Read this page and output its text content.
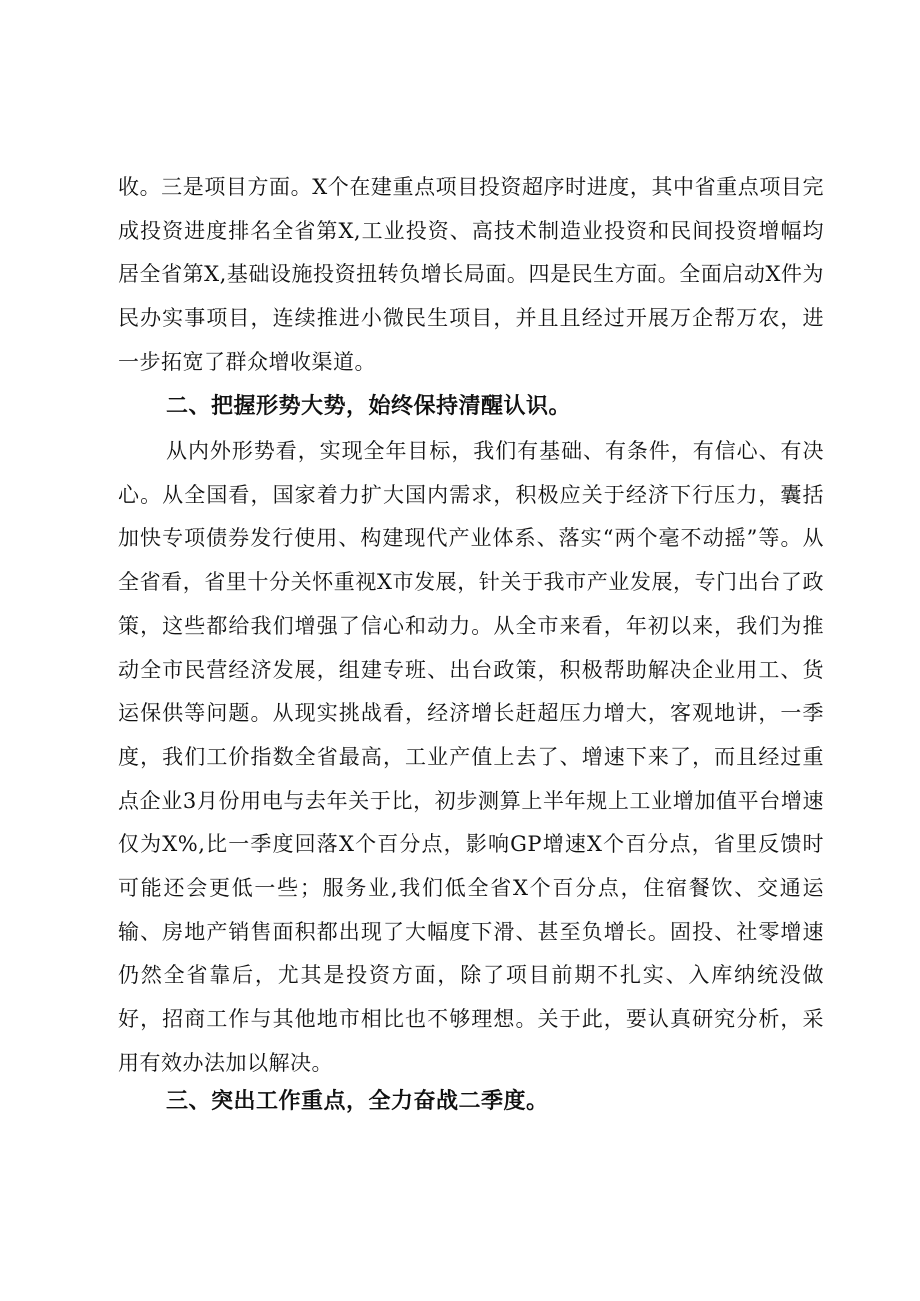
收。三是项目方面。X个在建重点项目投资超序时进度，其中省重点项目完成投资进度排名全省第X,工业投资、高技术制造业投资和民间投资增幅均居全省第X,基础设施投资扭转负增长局面。四是民生方面。全面启动X件为民办实事项目，连续推进小微民生项目，并且且经过开展万企帮万农，进一步拓宽了群众增收渠道。

二、把握形势大势，始终保持清醒认识。

从内外形势看，实现全年目标，我们有基础、有条件，有信心、有决心。从全国看，国家着力扩大国内需求，积极应关于经济下行压力，囊括加快专项债券发行使用、构建现代产业体系、落实“两个毫不动摇”等。从全省看，省里十分关怀重视X市发展，针关于我市产业发展，专门出台了政策，这些都给我们增强了信心和动力。从全市来看，年初以来，我们为推动全市民营经济发展，组建专班、出台政策，积极帮助解决企业用工、货运保供等问题。从现实挑战看，经济增长赶超压力增大，客观地讲，一季度，我们工价指数全省最高，工业产值上去了、增速下来了，而且经过重点企业3月份用电与去年关于比，初步测算上半年规上工业增加值平台增速仅为X%,比一季度回落X个百分点，影响GP增速X个百分点，省里反馈时可能还会更低一些；服务业,我们低全省X个百分点，住宿餐饮、交通运输、房地产销售面积都出现了大幅度下滑、甚至负增长。固投、社零增速仍然全省靠后，尤其是投资方面，除了项目前期不扎实、入库纳统没做好，招商工作与其他地市相比也不够理想。关于此，要认真研究分析，采用有效办法加以解决。

三、突出工作重点，全力奋战二季度。
